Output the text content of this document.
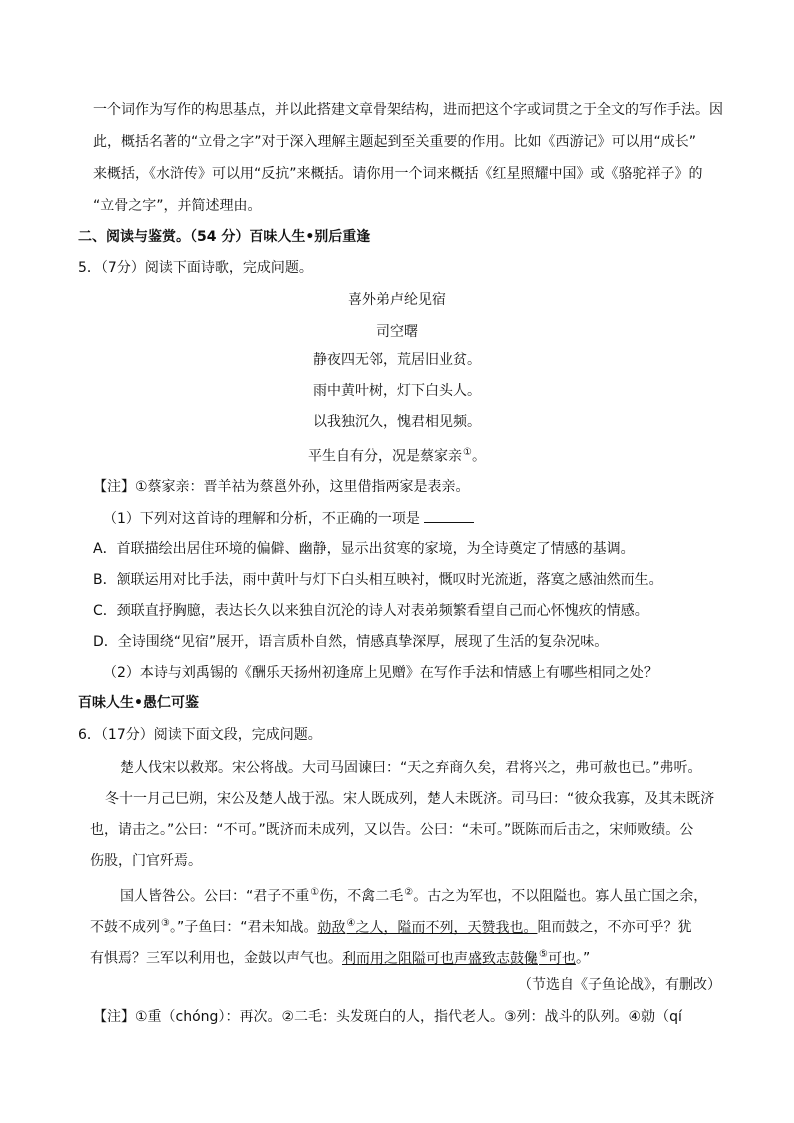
一个词作为写作的构思基点，并以此搭建文章骨架结构，进而把这个字或词贯之于全文的写作手法。因
此，概括名著的“立骨之字”对于深入理解主题起到至关重要的作用。比如《西游记》可以用“成长”
来概括，《水浒传》可以用“反抗”来概括。请你用一个词来概括《红星照耀中国》或《骆驼祥子》的
“立骨之字”，并简述理由。
二、阅读与鉴赏。（54 分）百味人生•别后重逢
5．（7分）阅读下面诗歌，完成问题。
喜外弟卢纶见宿
司空曙
静夜四无邻，荒居旧业贫。
雨中黄叶树，灯下白头人。
以我独沉久，愧君相见频。
平生自有分，况是蔡家亲①。
【注】①蔡家亲：晋羊祜为蔡邕外孙，这里借指两家是表亲。
（1）下列对这首诗的理解和分析，不正确的一项是
A．首联描绘出居住环境的偏僻、幽静，显示出贫寒的家境，为全诗奠定了情感的基调。
B．颔联运用对比手法，雨中黄叶与灯下白头相互映衬，慨叹时光流逝，落寞之感油然而生。
C．颈联直抒胸臆，表达长久以来独自沉沦的诗人对表弟频繁看望自己而心怀愧疚的情感。
D．全诗围绕“见宿”展开，语言质朴自然，情感真挚深厚，展现了生活的复杂况味。
（2）本诗与刘禹锡的《酬乐天扬州初逢席上见赠》在写作手法和情感上有哪些相同之处？
百味人生•愚仁可鉴
6．（17分）阅读下面文段，完成问题。
楚人伐宋以救郑。宋公将战。大司马固谏曰：“天之弃商久矣，君将兴之，弗可赦也已。”弗听。
冬十一月己巳朔，宋公及楚人战于泓。宋人既成列，楚人未既济。司马曰：“彼众我寡，及其未既济
也，请击之。”公曰：“不可。”既济而未成列，又以告。公曰：“未可。”既陈而后击之，宋师败绩。公
伤股，门官歼焉。
国人皆咎公。公曰：“君子不重①伤，不禽二毛②。古之为军也，不以阻隘也。寡人虽亡国之余，
不鼓不成列③。”子鱼曰：“君未知战。勍敌④之人，隘而不列，天赞我也。阻而鼓之，不亦可乎？犹
有惧焉？三军以利用也，金鼓以声气也。利而用之阻隘可也声盛致志鼓儳⑤可也。”
（节选自《子鱼论战》，有删改）
【注】①重（chóng）：再次。②二毛：头发斑白的人，指代老人。③列：战斗的队列。④勍（qí
